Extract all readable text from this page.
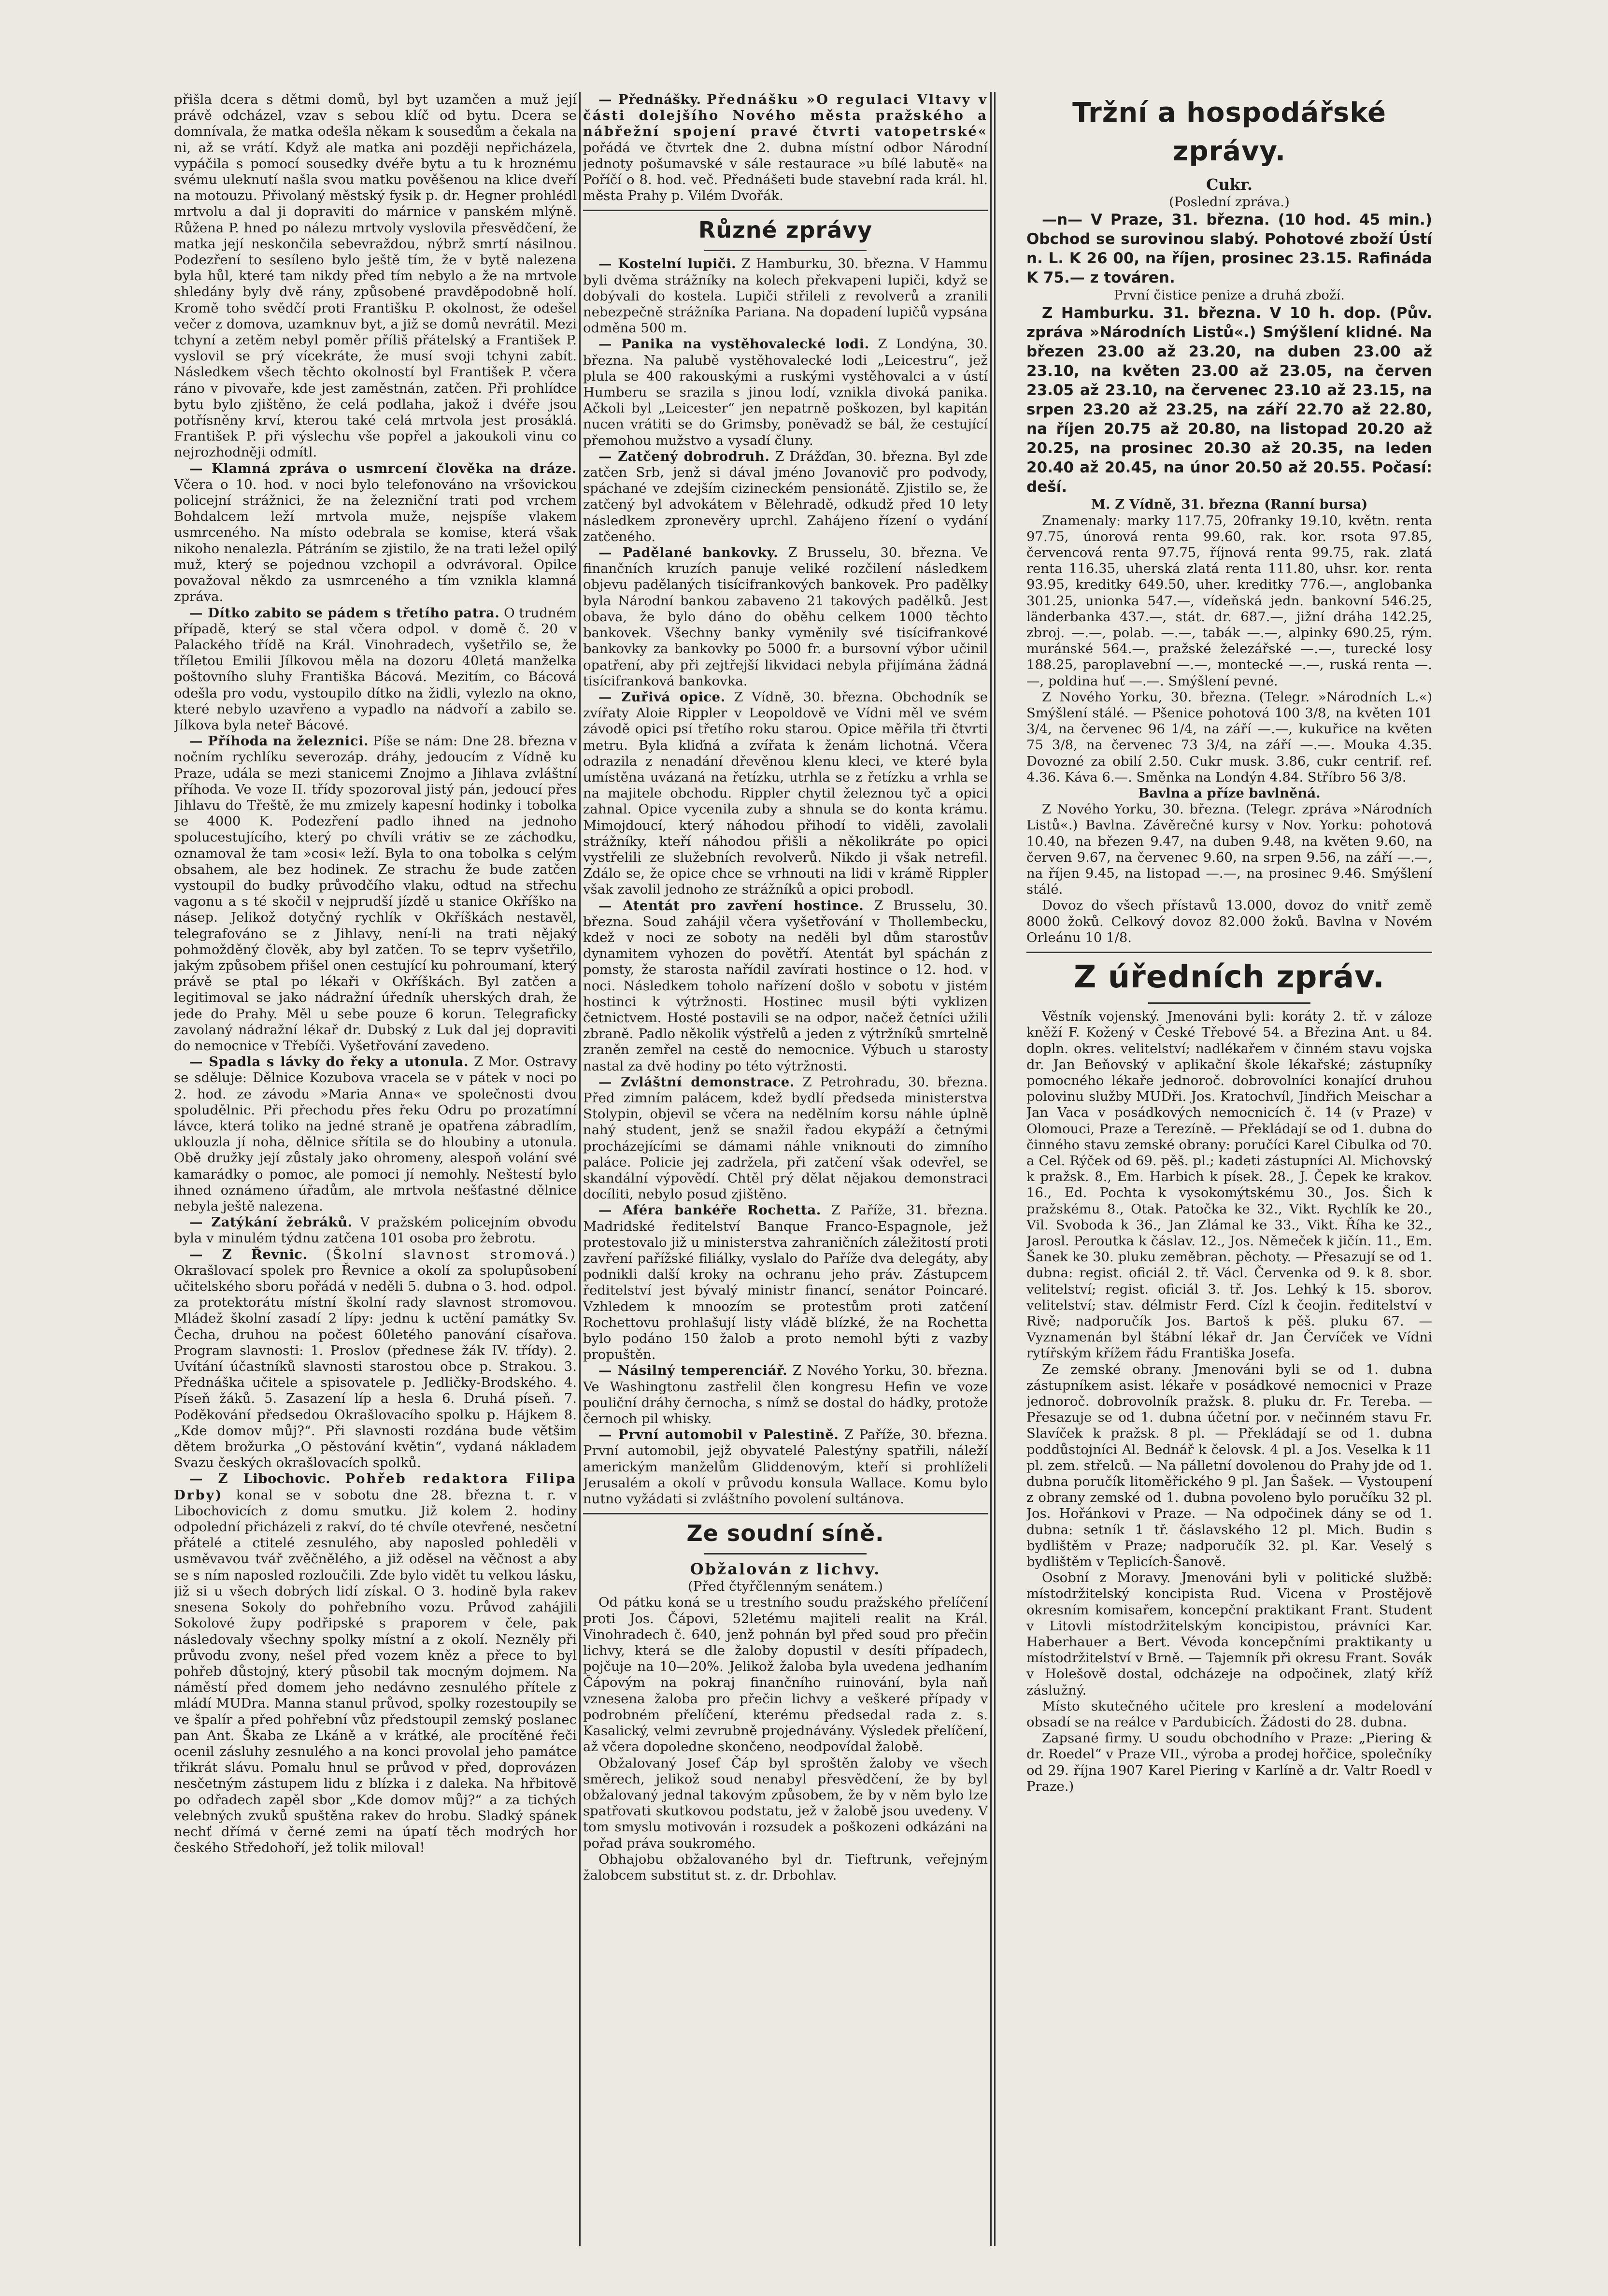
přišla dcera s dětmi domů, byl byt uzamčen a muž její právě odcházel, vzav s sebou klíč od bytu. Dcera se domnívala, že matka odešla někam k sousedům a čekala na ni, až se vrátí. Když ale matka ani později nepřicházela, vypáčila s pomocí sousedky dvéře bytu a tu k hroznému svému uleknutí našla svou matku pověšenou na klice dveří na motouzu. Přivolaný městský fysik p. dr. Hegner prohlédl mrtvolu a dal ji dopraviti do márnice v panském mlýně. Růžena P. hned po nálezu mrtvoly vyslovila přesvědčení, že matka její neskončila sebevraždou, nýbrž smrtí násilnou. Podezření to sesíleno bylo ještě tím, že v bytě nalezena byla hůl, které tam nikdy před tím nebylo a že na mrtvole shledány byly dvě rány, způsobené pravděpodobně holí. Kromě toho svědčí proti Františku P. okolnost, že odešel večer z domova, uzamknuv byt, a již se domů nevrátil. Mezi tchyní a zetěm nebyl poměr příliš přátelský a František P. vyslovil se prý vícekráte, že musí svoji tchyni zabít. Následkem všech těchto okolností byl František P. včera ráno v pivovaře, kde jest zaměstnán, zatčen. Při prohlídce bytu bylo zjištěno, že celá podlaha, jakož i dvéře jsou potřísněny krví, kterou také celá mrtvola jest prosáklá. František P. při výslechu vše popřel a jakoukoli vinu co nejrozhodněji odmítl.

— Klamná zpráva o usmrcení člověka na dráze. Včera o 10. hod. v noci bylo telefonováno na vršovickou policejní strážnici, že na železniční trati pod vrchem Bohdalcem leží mrtvola muže, nejspíše vlakem usmrceného. Na místo odebrala se komise, která však nikoho nenalezla. Pátráním se zjistilo, že na trati ležel opilý muž, který se pojednou vzchopil a odvrávoral. Opilce považoval někdo za usmrceného a tím vznikla klamná zpráva.

— Dítko zabito se pádem s třetího patra. O trudném případě, který se stal včera odpol. v domě č. 20 v Palackého třídě na Král. Vinohradech, vyšetřilo se, že tříletou Emilii Jílkovou měla na dozoru 40letá manželka poštovního sluhy Františka Bácová. Mezitím, co Bácová odešla pro vodu, vystoupilo dítko na židli, vylezlo na okno, které nebylo uzavřeno a vypadlo na nádvoří a zabilo se. Jílkova byla neteř Bácové.

— Příhoda na železnici. Píše se nám: Dne 28. března v nočním rychlíku severozáp. dráhy, jedoucím z Vídně ku Praze, udála se mezi stanicemi Znojmo a Jihlava zvláštní příhoda. Ve voze II. třídy spozoroval jistý pán, jedoucí přes Jihlavu do Třeště, že mu zmizely kapesní hodinky i tobolka se 4000 K. Podezření padlo ihned na jednoho spolucestujícího, který po chvíli vrátiv se ze záchodku, oznamoval že tam »cosi« leží. Byla to ona tobolka s celým obsahem, ale bez hodinek. Ze strachu že bude zatčen vystoupil do budky průvodčího vlaku, odtud na střechu vagonu a s té skočil v nejprudší jízdě u stanice Okříško na násep. Jelikož dotyčný rychlík v Okříškách nestavěl, telegrafováno se z Jihlavy, není-li na trati nějaký pohmožděný člověk, aby byl zatčen. To se teprv vyšetřilo, jakým způsobem přišel onen cestující ku pohroumaní, který právě se ptal po lékaři v Okříškách. Byl zatčen a legitimoval se jako nádražní úředník uherských drah, že jede do Prahy. Měl u sebe pouze 6 korun. Telegraficky zavolaný nádražní lékař dr. Dubský z Luk dal jej dopraviti do nemocnice v Třebíči. Vyšetřování zavedeno.

— Spadla s lávky do řeky a utonula. Z Mor. Ostravy se sděluje: Dělnice Kozubova vracela se v pátek v noci po 2. hod. ze závodu »Maria Anna« ve společnosti dvou spoludělnic. Při přechodu přes řeku Odru po prozatímní lávce, která toliko na jedné straně je opatřena zábradlím, uklouzla jí noha, dělnice sřítila se do hloubiny a utonula. Obě družky její zůstaly jako ohromeny, alespoň volání své kamarádky o pomoc, ale pomoci jí nemohly. Neštestí bylo ihned oznámeno úřadům, ale mrtvola nešťastné dělnice nebyla ještě nalezena.

— Zatýkání žebráků. V pražském policejním obvodu byla v minulém týdnu zatčena 101 osoba pro žebrotu.

— Z Řevnic. (Školní slavnost stromová.) Okrašlovací spolek pro Řevnice a okolí za spolupůsobení učitelského sboru pořádá v neděli 5. dubna o 3. hod. odpol. za protektorátu místní školní rady slavnost stromovou. Mládež školní zasadí 2 lípy: jednu k uctění památky Sv. Čecha, druhou na počest 60letého panování císařova. Program slavnosti: 1. Proslov (přednese žák IV. třídy). 2. Uvítání účastníků slavnosti starostou obce p. Strakou. 3. Přednáška učitele a spisovatele p. Jedličky-Brodského. 4. Píseň žáků. 5. Zasazení líp a hesla 6. Druhá píseň. 7. Poděkování předsedou Okrašlovacího spolku p. Hájkem 8. „Kde domov můj?“. Při slavnosti rozdána bude většim dětem brožurka „O pěstování květin“, vydaná nákladem Svazu českých okrašlovacích spolků.

— Z Libochovic. Pohřeb redaktora Filipa Drby) konal se v sobotu dne 28. března t. r. v Libochovicích z domu smutku. Již kolem 2. hodiny odpolední přicházeli z rakví, do té chvíle otevřené, nesčetní přátelé a ctitelé zesnulého, aby naposled pohleděli v usměvavou tvář zvěčnělého, a již oděsel na věčnost a aby se s ním naposled rozloučili. Zde bylo vidět tu velkou lásku, již si u všech dobrých lidí získal. O 3. hodině byla rakev snesena Sokoly do pohřebního vozu. Průvod zahájili Sokolové župy podřipské s praporem v čele, pak následovaly všechny spolky místní a z okolí. Nezněly při průvodu zvony, nešel před vozem kněz a přece to byl pohřeb důstojný, který působil tak mocným dojmem. Na náměstí před domem jeho nedávno zesnulého přítele z mládí MUDra. Manna stanul průvod, spolky rozestoupily se ve špalír a před pohřební vůz předstoupil zemský poslanec pan Ant. Škaba ze Lkáně a v krátké, ale procítěné řeči ocenil zásluhy zesnulého a na konci provolal jeho památce třikrát slávu. Pomalu hnul se průvod v před, doprovázen nesčetným zástupem lidu z blízka i z daleka. Na hřbitově po odřadech zapěl sbor „Kde domov můj?“ a za tichých velebných zvuků spuštěna rakev do hrobu. Sladký spánek nechť dřímá v černé zemi na úpatí těch modrých hor českého Středohoří, jež tolik miloval!

— Přednášky. Přednášku »O regulaci Vltavy v části dolejšího Nového města pražského a nábřežní spojení pravé čtvrti vatopetrské« pořádá ve čtvrtek dne 2. dubna místní odbor Národní jednoty pošumavské v sále restaurace »u bílé labutě« na Poříčí o 8. hod. več. Přednášeti bude stavební rada král. hl. města Prahy p. Vilém Dvořák.

Různé zprávy

— Kostelní lupiči. Z Hamburku, 30. března. V Hammu byli dvěma strážníky na kolech překvapeni lupiči, když se dobývali do kostela. Lupiči střileli z revolverů a zranili nebezpečně strážníka Pariana. Na dopadení lupičů vypsána odměna 500 m.

— Panika na vystěhovalecké lodi. Z Londýna, 30. března. Na palubě vystěhovalecké lodi „Leicestru“, jež plula se 400 rakouskými a ruskými vystěhovalci a v ústí Humberu se srazila s jinou lodí, vznikla divoká panika. Ačkoli byl „Leicester“ jen nepatrně poškozen, byl kapitán nucen vrátiti se do Grimsby, poněvadž se bál, že cestující přemohou mužstvo a vysadí čluny.

— Zatčený dobrodruh. Z Drážďan, 30. března. Byl zde zatčen Srb, jenž si dával jméno Jovanovič pro podvody, spáchané ve zdejším cizineckém pensionátě. Zjistilo se, že zatčený byl advokátem v Bělehradě, odkudž před 10 lety následkem zpronevěry uprchl. Zahájeno řízení o vydání zatčeného.

— Padělané bankovky. Z Brusselu, 30. března. Ve finančních kruzích panuje veliké rozčilení následkem objevu padělaných tisícifrankových bankovek. Pro padělky byla Národní bankou zabaveno 21 takových padělků. Jest obava, že bylo dáno do oběhu celkem 1000 těchto bankovek. Všechny banky vyměnily své tisícifrankové bankovky za bankovky po 5000 fr. a bursovní výbor učinil opatření, aby při zejtřejší likvidaci nebyla přijímána žádná tisícifranková bankovka.

— Zuřivá opice. Z Vídně, 30. března. Obchodník se zvířaty Aloie Rippler v Leopoldově ve Vídni měl ve svém závodě opici psí třetího roku starou. Opice měřila tři čtvrti metru. Byla kliďná a zvířata k ženám lichotná. Včera odrazila z nenadání dřevěnou klenu kleci, ve které byla umístěna uvázaná na řetízku, utrhla se z řetízku a vrhla se na majitele obchodu. Rippler chytil železnou tyč a opici zahnal. Opice vycenila zuby a shnula se do konta krámu. Mimojdoucí, který náhodou přihodí to viděli, zavolali strážníky, kteří náhodou přišli a několikráte po opici vystřelili ze služebních revolverů. Nikdo ji však netrefil. Zdálo se, že opice chce se vrhnouti na lidi v krámě Rippler však zavolil jednoho ze strážníků a opici probodl.

— Atentát pro zavření hostince. Z Brusselu, 30. března. Soud zahájil včera vyšetřování v Thollembecku, kdež v noci ze soboty na neděli byl dům starostův dynamitem vyhozen do povětří. Atentát byl spáchán z pomsty, že starosta nařídil zavírati hostince o 12. hod. v noci. Následkem toholo nařízení došlo v sobotu v jistém hostinci k výtržnosti. Hostinec musil býti vyklizen četnictvem. Hosté postavili se na odpor, načež četníci užili zbraně. Padlo několik výstřelů a jeden z výtržníků smrtelně zraněn zemřel na cestě do nemocnice. Výbuch u starosty nastal za dvě hodiny po této výtržnosti.

— Zvláštní demonstrace. Z Petrohradu, 30. března. Před zimním palácem, kdež bydlí předseda ministerstva Stolypin, objevil se včera na nedělním korsu náhle úplně nahý student, jenž se snažil řadou ekypáží a četnými procházejícími se dámami náhle vniknouti do zimního paláce. Policie jej zadržela, při zatčení však odevřel, se skandální výpovědí. Chtěl prý dělat nějakou demonstraci docíliti, nebylo posud zjištěno.

— Aféra bankéře Rochetta. Z Paříže, 31. března. Madridské ředitelství Banque Franco-Espagnole, jež protestovalo již u ministerstva zahraničních záležitostí proti zavření pařížské filiálky, vyslalo do Paříže dva delegáty, aby podnikli další kroky na ochranu jeho práv. Zástupcem ředitelství jest bývalý ministr financí, senátor Poincaré. Vzhledem k mnoozím se protestům proti zatčení Rochettovu prohlašují listy vládě blízké, že na Rochetta bylo podáno 150 žalob a proto nemohl býti z vazby propuštěn.

— Násilný temperenciář. Z Nového Yorku, 30. března. Ve Washingtonu zastřelil člen kongresu Hefin ve voze pouliční dráhy černocha, s nímž se dostal do hádky, protože černoch pil whisky.

— První automobil v Palestině. Z Paříže, 30. března. První automobil, jejž obyvatelé Palestýny spatřili, náleží americkým manželům Gliddenovým, kteří si prohlíželi Jerusalém a okolí v průvodu konsula Wallace. Komu bylo nutno vyžádati si zvláštního povolení sultánova.

Ze soudní síně.
Obžalován z lichvy.
(Před čtyřčlenným senátem.)

Od pátku koná se u trestního soudu pražského přelíčení proti Jos. Čápovi, 52letému majiteli realit na Král. Vinohradech č. 640, jenž pohnán byl před soud pro přečin lichvy, která se dle žaloby dopustil v desíti případech, pojčuje na 10—20%. Jelikož žaloba byla uvedena jedhaním Čápovým na pokraj finančního ruinování, byla naň vznesena žaloba pro přečin lichvy a veškeré případy v podrobném přelíčení, kterému předsedal rada z. s. Kasalický, velmi zevrubně projednávány. Výsledek přelíčení, až včera dopoledne skončeno, neodpovídal žalobě.

Obžalovaný Josef Čáp byl sproštěn žaloby ve všech směrech, jelikož soud nenabyl přesvědčení, že by byl obžalovaný jednal takovým způsobem, že by v něm bylo lze spatřovati skutkovou podstatu, jež v žalobě jsou uvedeny. V tom smyslu motivován i rozsudek a poškozeni odkázáni na pořad práva soukromého.

Obhajobu obžalovaného byl dr. Tieftrunk, veřejným žalobcem substitut st. z. dr. Drbohlav.

Tržní a hospodářské zprávy.
Cukr.
(Poslední zpráva.)

—n— V Praze, 31. března. (10 hod. 45 min.) Obchod se surovinou slabý. Pohotové zboží Ústí n. L. K 26 00, na říjen, prosinec 23.15. Rafináda K 75.— z továren.

První čistice penize a druhá zboží.

Z Hamburku. 31. března. V 10 h. dop. (Pův. zpráva »Národních Listů«.) Smýšlení klidné. Na březen 23.00 až 23.20, na duben 23.00 až 23.10, na květen 23.00 až 23.05, na červen 23.05 až 23.10, na červenec 23.10 až 23.15, na srpen 23.20 až 23.25, na září 22.70 až 22.80, na říjen 20.75 až 20.80, na listopad 20.20 až 20.25, na prosinec 20.30 až 20.35, na leden 20.40 až 20.45, na únor 20.50 až 20.55. Počasí: deší.

M. Z Vídně, 31. března (Ranní bursa)

Znamenaly: marky 117.75, 20franky 19.10, květn. renta 97.75, únorová renta 99.60, rak. kor. rsota 97.85, červencová renta 97.75, říjnová renta 99.75, rak. zlatá renta 116.35, uherská zlatá renta 111.80, uhsr. kor. renta 93.95, kreditky 649.50, uher. kreditky 776.—, anglobanka 301.25, unionka 547.—, vídeňská jedn. bankovní 546.25, länderbanka 437.—, stát. dr. 687.—, jižní dráha 142.25, zbroj. —.—, polab. —.—, tabák —.—, alpinky 690.25, rým. muránské 564.—, pražské železářské —.—, turecké losy 188.25, paroplavební —.—, montecké —.—, ruská renta —.—, poldina huť —.—. Smýšlení pevné.

Z Nového Yorku, 30. března. (Telegr. »Národních L.«) Smýšlení stálé. — Pšenice pohotová 100 3/8, na květen 101 3/4, na červenec 96 1/4, na září —.—, kukuřice na květen 75 3/8, na červenec 73 3/4, na září —.—. Mouka 4.35. Dovozné za obilí 2.50. Cukr musk. 3.86, cukr centrif. ref. 4.36. Káva 6.—. Směnka na Londýn 4.84. Stříbro 56 3/8.

Bavlna a příze bavlněná.

Z Nového Yorku, 30. března. (Telegr. zpráva »Národních Listů«.) Bavlna. Závěrečné kursy v Nov. Yorku: pohotová 10.40, na březen 9.47, na duben 9.48, na květen 9.60, na červen 9.67, na červenec 9.60, na srpen 9.56, na září —.—, na říjen 9.45, na listopad —.—, na prosinec 9.46. Smýšlení stálé.

Dovoz do všech přístavů 13.000, dovoz do vnitř země 8000 žoků. Celkový dovoz 82.000 žoků. Bavlna v Novém Orleánu 10 1/8.

Z úředních zpráv.

Věstník vojenský. Jmenováni byli: koráty 2. tř. v záloze kněží F. Kožený v České Třebové 54. a Březina Ant. u 84. dopln. okres. velitelství; nadlékařem v činném stavu vojska dr. Jan Beňovský v aplikační škole lékařské; zástupníky pomocného lékaře jednoroč. dobrovolníci konající druhou polovinu služby MUDři. Jos. Kratochvíl, Jindřich Meischar a Jan Vaca v posádkových nemocnicích č. 14 (v Praze) v Olomouci, Praze a Terezíně. — Překládají se od 1. dubna do činného stavu zemské obrany: poručíci Karel Cibulka od 70. a Cel. Rýček od 69. pěš. pl.; kadeti zástupníci Al. Michovský k pražsk. 8., Em. Harbich k písek. 28., J. Čepek ke krakov. 16., Ed. Pochta k vysokomýtskému 30., Jos. Šich k pražskému 8., Otak. Patočka ke 32., Vikt. Rychlík ke 20., Vil. Svoboda k 36., Jan Zlámal ke 33., Vikt. Říha ke 32., Jarosl. Peroutka k čáslav. 12., Jos. Němeček k jičín. 11., Em. Šanek ke 30. pluku zeměbran. pěchoty. — Přesazují se od 1. dubna: regist. oficiál 2. tř. Václ. Červenka od 9. k 8. sbor. velitelství; regist. oficiál 3. tř. Jos. Lehký k 15. sborov. velitelství; stav. délmistr Ferd. Cízl k čeojin. ředitelství v Rivě; nadporučík Jos. Bartoš k pěš. pluku 67. — Vyznamenán byl štábní lékař dr. Jan Červíček ve Vídni rytířským křížem řádu Františka Josefa.

Ze zemské obrany. Jmenováni byli se od 1. dubna zástupníkem asist. lékaře v posádkové nemocnici v Praze jednoroč. dobrovolník pražsk. 8. pluku dr. Fr. Tereba. — Přesazuje se od 1. dubna účetní por. v nečinném stavu Fr. Slavíček k pražsk. 8 pl. — Překládají se od 1. dubna poddůstojníci Al. Bednář k čelovsk. 4 pl. a Jos. Veselka k 11 pl. zem. střelců. — Na pálletní dovolenou do Prahy jde od 1. dubna poručík litoměřického 9 pl. Jan Šašek. — Vystoupení z obrany zemské od 1. dubna povoleno bylo poručíku 32 pl. Jos. Hořánkovi v Praze. — Na odpočinek dány se od 1. dubna: setník 1 tř. čáslavského 12 pl. Mich. Budin s bydlištěm v Praze; nadporučík 32. pl. Kar. Veselý s bydlištěm v Teplicích-Šanově.

Osobní z Moravy. Jmenováni byli v politické službě: místodržitelský koncipista Rud. Vicena v Prostějově okresním komisařem, koncepční praktikant Frant. Student v Litovli místodržitelským koncipistou, právníci Kar. Haberhauer a Bert. Vévoda koncepčními praktikanty u místodržitelství v Brně. — Tajemník při okresu Frant. Sovák v Holešově dostal, odcházeje na odpočinek, zlatý kříž záslužný.

Místo skutečného učitele pro kreslení a modelování obsadí se na reálce v Pardubicích. Žádosti do 28. dubna.

Zapsané firmy. U soudu obchodního v Praze: „Piering & dr. Roedel“ v Praze VII., výroba a prodej hořčice, společníky od 29. října 1907 Karel Piering v Karlíně a dr. Valtr Roedl v Praze.)
